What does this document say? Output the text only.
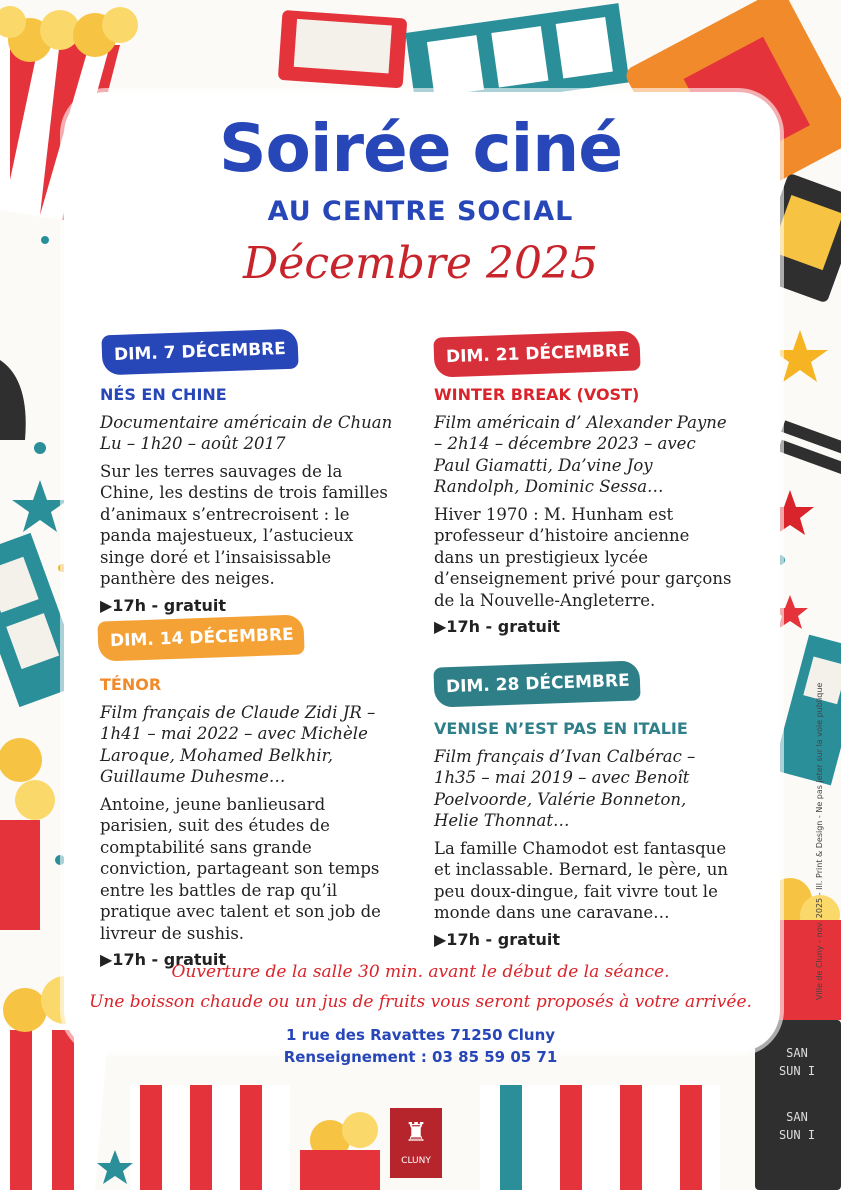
Soirée ciné
AU CENTRE SOCIAL
Décembre 2025
DIM. 7 DÉCEMBRE
DIM. 14 DÉCEMBRE
DIM. 21 DÉCEMBRE
DIM. 28 DÉCEMBRE
NÉS EN CHINE
Documentaire américain de Chuan Lu – 1h20 – août 2017
Sur les terres sauvages de la Chine, les destins de trois familles d’animaux s’entrecroisent : le panda majestueux, l’astucieux singe doré et l’insaisissable panthère des neiges.
▶17h - gratuit
TÉNOR
Film français de Claude Zidi JR – 1h41 – mai 2022 – avec Michèle Laroque, Mohamed Belkhir, Guillaume Duhesme…
Antoine, jeune banlieusard parisien, suit des études de comptabilité sans grande conviction, partageant son temps entre les battles de rap qu’il pratique avec talent et son job de livreur de sushis.
▶17h - gratuit
WINTER BREAK (VOST)
Film américain d’ Alexander Payne – 2h14 – décembre 2023 – avec Paul Giamatti, Da’vine Joy Randolph, Dominic Sessa…
Hiver 1970 : M. Hunham est professeur d’histoire ancienne dans un prestigieux lycée d’enseignement privé pour garçons de la Nouvelle-Angleterre.
▶17h - gratuit
VENISE N’EST PAS EN ITALIE
Film français d’Ivan Calbérac – 1h35 – mai 2019 – avec Benoît Poelvoorde, Valérie Bonneton, Helie Thonnat…
La famille Chamodot est fantasque et inclassable. Bernard, le père, un peu doux-dingue, fait vivre tout le monde dans une caravane…
▶17h - gratuit
Ouverture de la salle 30 min. avant le début de la séance.
Une boisson chaude ou un jus de fruits vous seront proposés à votre arrivée.
1 rue des Ravattes 71250 Cluny
Renseignement : 03 85 59 05 71	SAN
SUN I
SAN
SUN I
♜
CLUNY
Ville de Cluny - nov. 2025 - Ill. Print & Design - Ne pas jeter sur la voie publique
